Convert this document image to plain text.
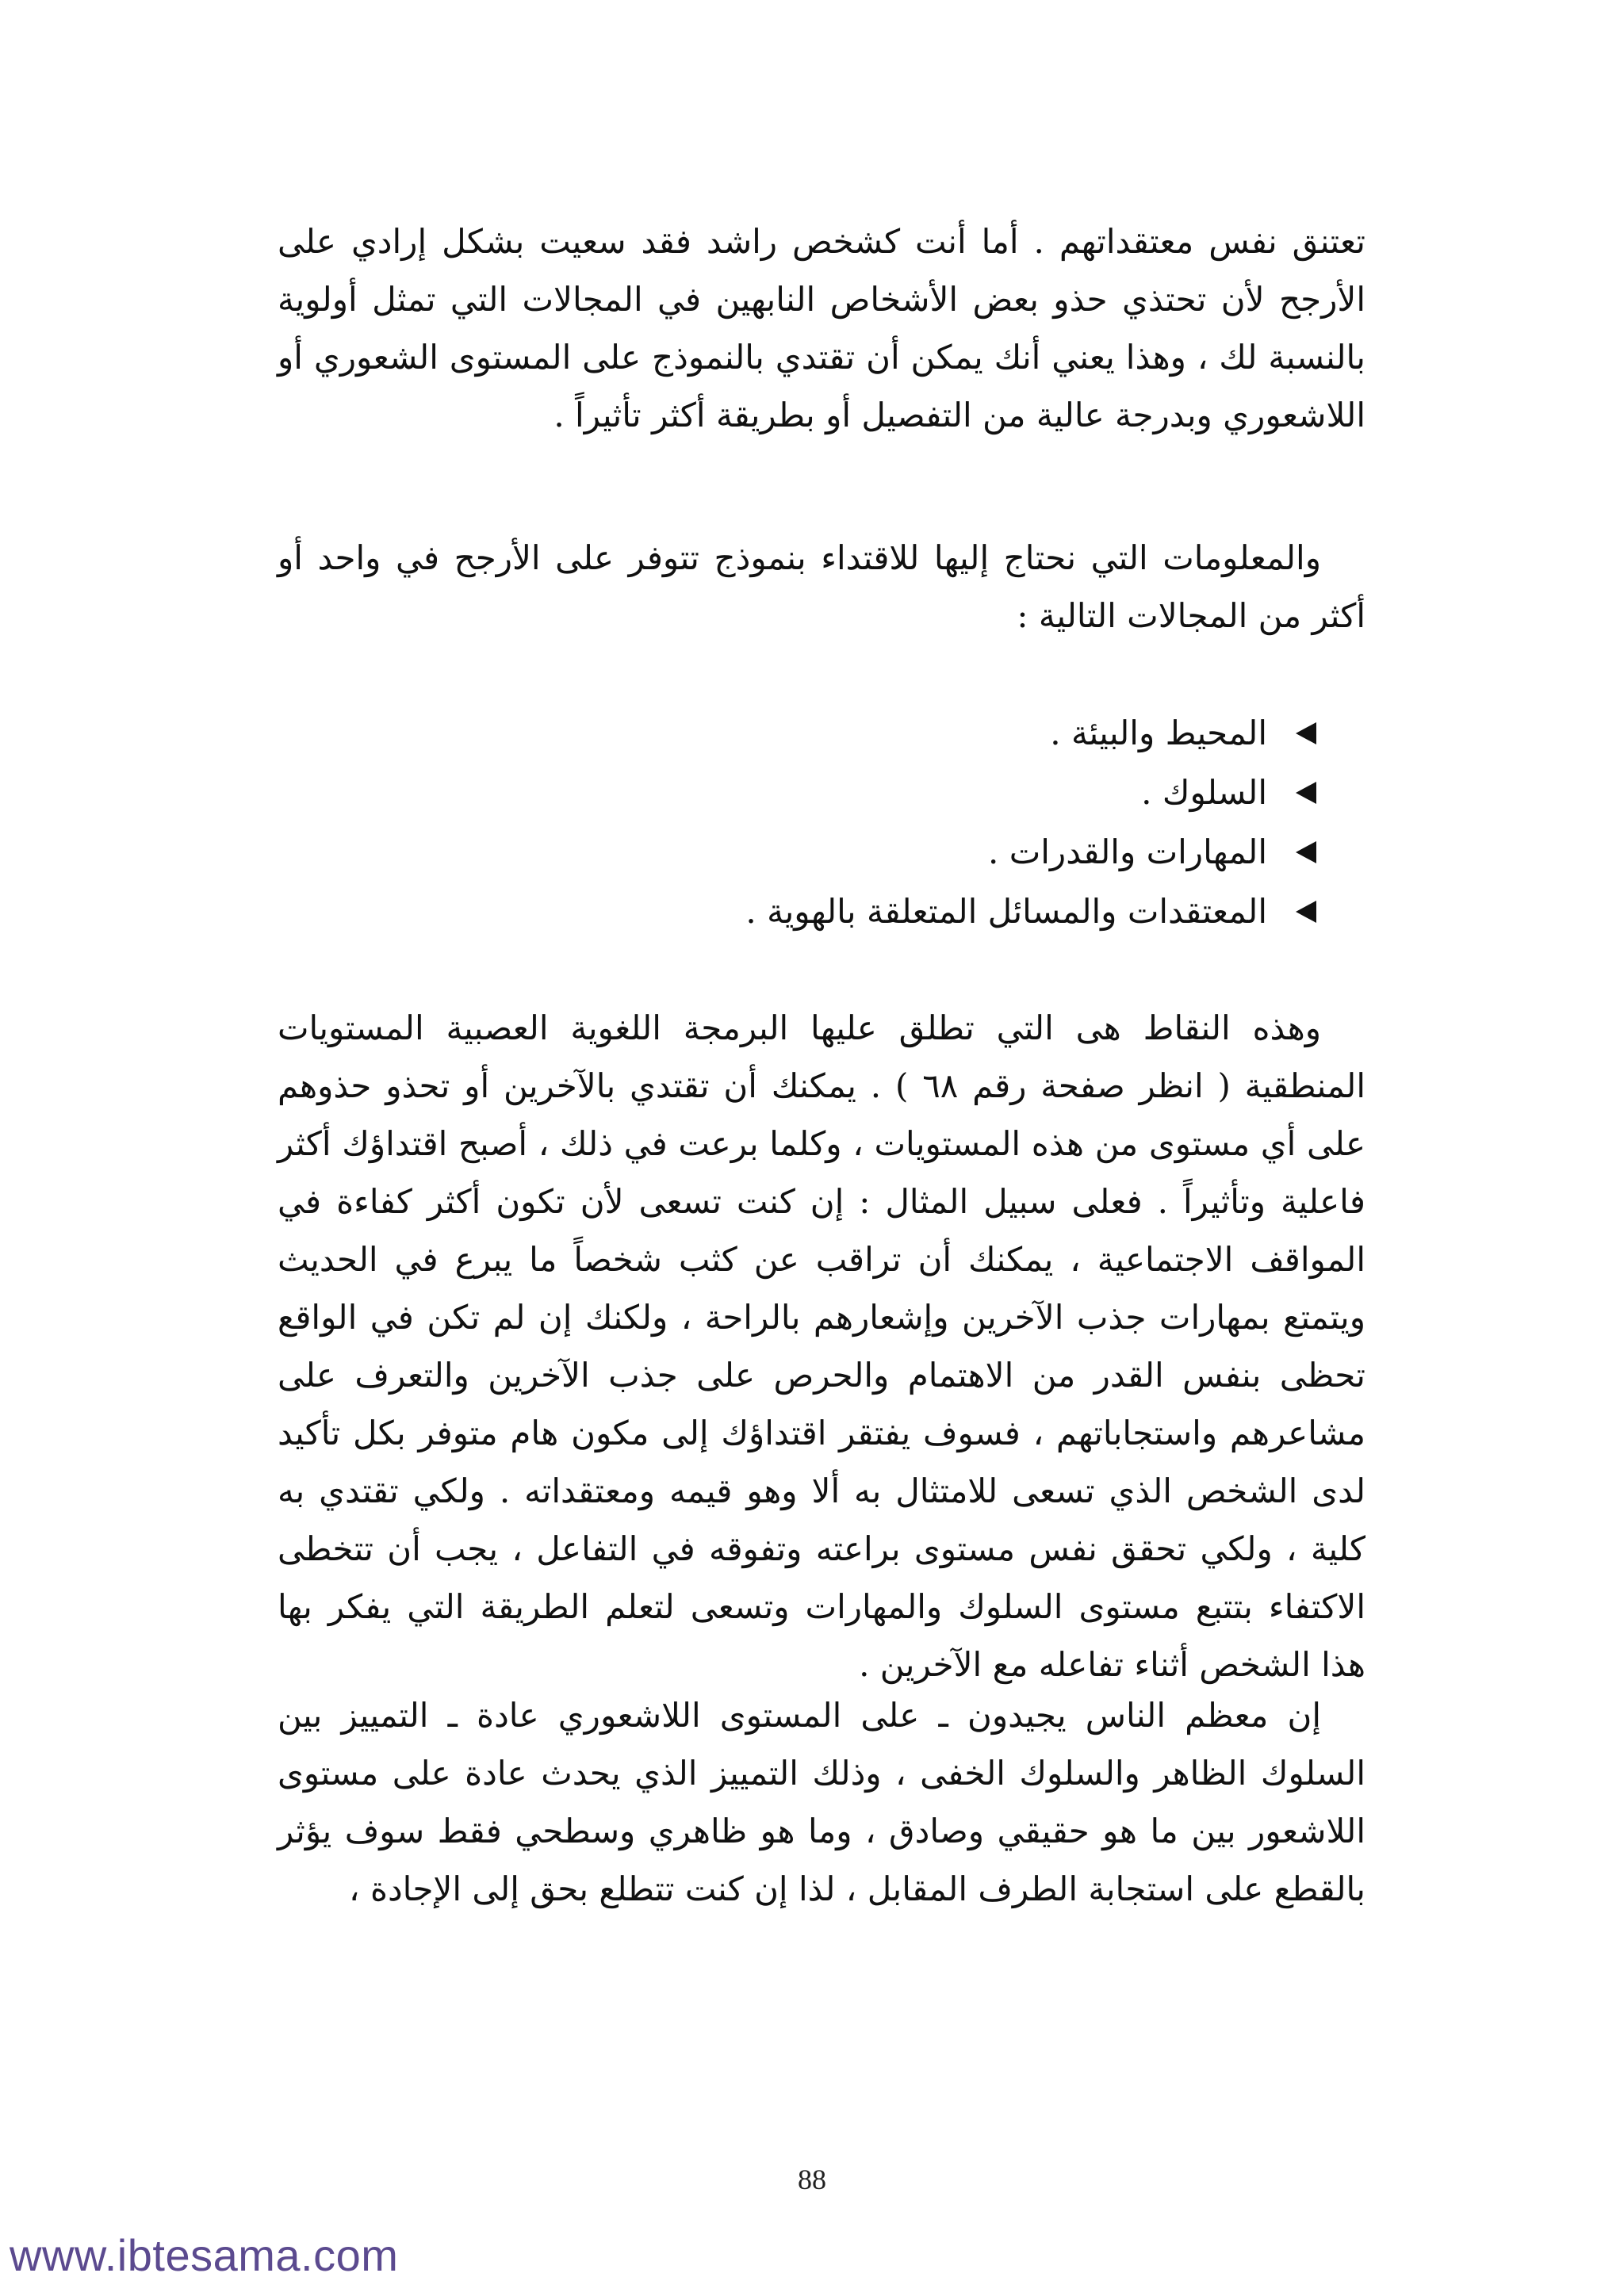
تعتنق نفس معتقداتهم . أما أنت كشخص راشد فقد سعيت بشكل إرادي على الأرجح لأن تحتذي حذو بعض الأشخاص النابهين في المجالات التي تمثل أولوية بالنسبة لك ، وهذا يعني أنك يمكن أن تقتدي بالنموذج على المستوى الشعوري أو اللاشعوري وبدرجة عالية من التفصيل أو بطريقة أكثر تأثيراً .

والمعلومات التي نحتاج إليها للاقتداء بنموذج تتوفر على الأرجح في واحد أو أكثر من المجالات التالية :

المحيط والبيئة .
السلوك .
المهارات والقدرات .
المعتقدات والمسائل المتعلقة بالهوية .

وهذه النقاط هى التي تطلق عليها البرمجة اللغوية العصبية المستويات المنطقية ( انظر صفحة رقم ٦٨ ) . يمكنك أن تقتدي بالآخرين أو تحذو حذوهم على أي مستوى من هذه المستويات ، وكلما برعت في ذلك ، أصبح اقتداؤك أكثر فاعلية وتأثيراً . فعلى سبيل المثال : إن كنت تسعى لأن تكون أكثر كفاءة في المواقف الاجتماعية ، يمكنك أن تراقب عن كثب شخصاً ما يبرع في الحديث ويتمتع بمهارات جذب الآخرين وإشعارهم بالراحة ، ولكنك إن لم تكن في الواقع تحظى بنفس القدر من الاهتمام والحرص على جذب الآخرين والتعرف على مشاعرهم واستجاباتهم ، فسوف يفتقر اقتداؤك إلى مكون هام متوفر بكل تأكيد لدى الشخص الذي تسعى للامتثال به ألا وهو قيمه ومعتقداته . ولكي تقتدي به كلية ، ولكي تحقق نفس مستوى براعته وتفوقه في التفاعل ، يجب أن تتخطى الاكتفاء بتتبع مستوى السلوك والمهارات وتسعى لتعلم الطريقة التي يفكر بها هذا الشخص أثناء تفاعله مع الآخرين .

إن معظم الناس يجيدون ـ على المستوى اللاشعوري عادة ـ التمييز بين السلوك الظاهر والسلوك الخفى ، وذلك التمييز الذي يحدث عادة على مستوى اللاشعور بين ما هو حقيقي وصادق ، وما هو ظاهري وسطحي فقط سوف يؤثر بالقطع على استجابة الطرف المقابل ، لذا إن كنت تتطلع بحق إلى الإجادة ،

88
www.ibtesama.com
